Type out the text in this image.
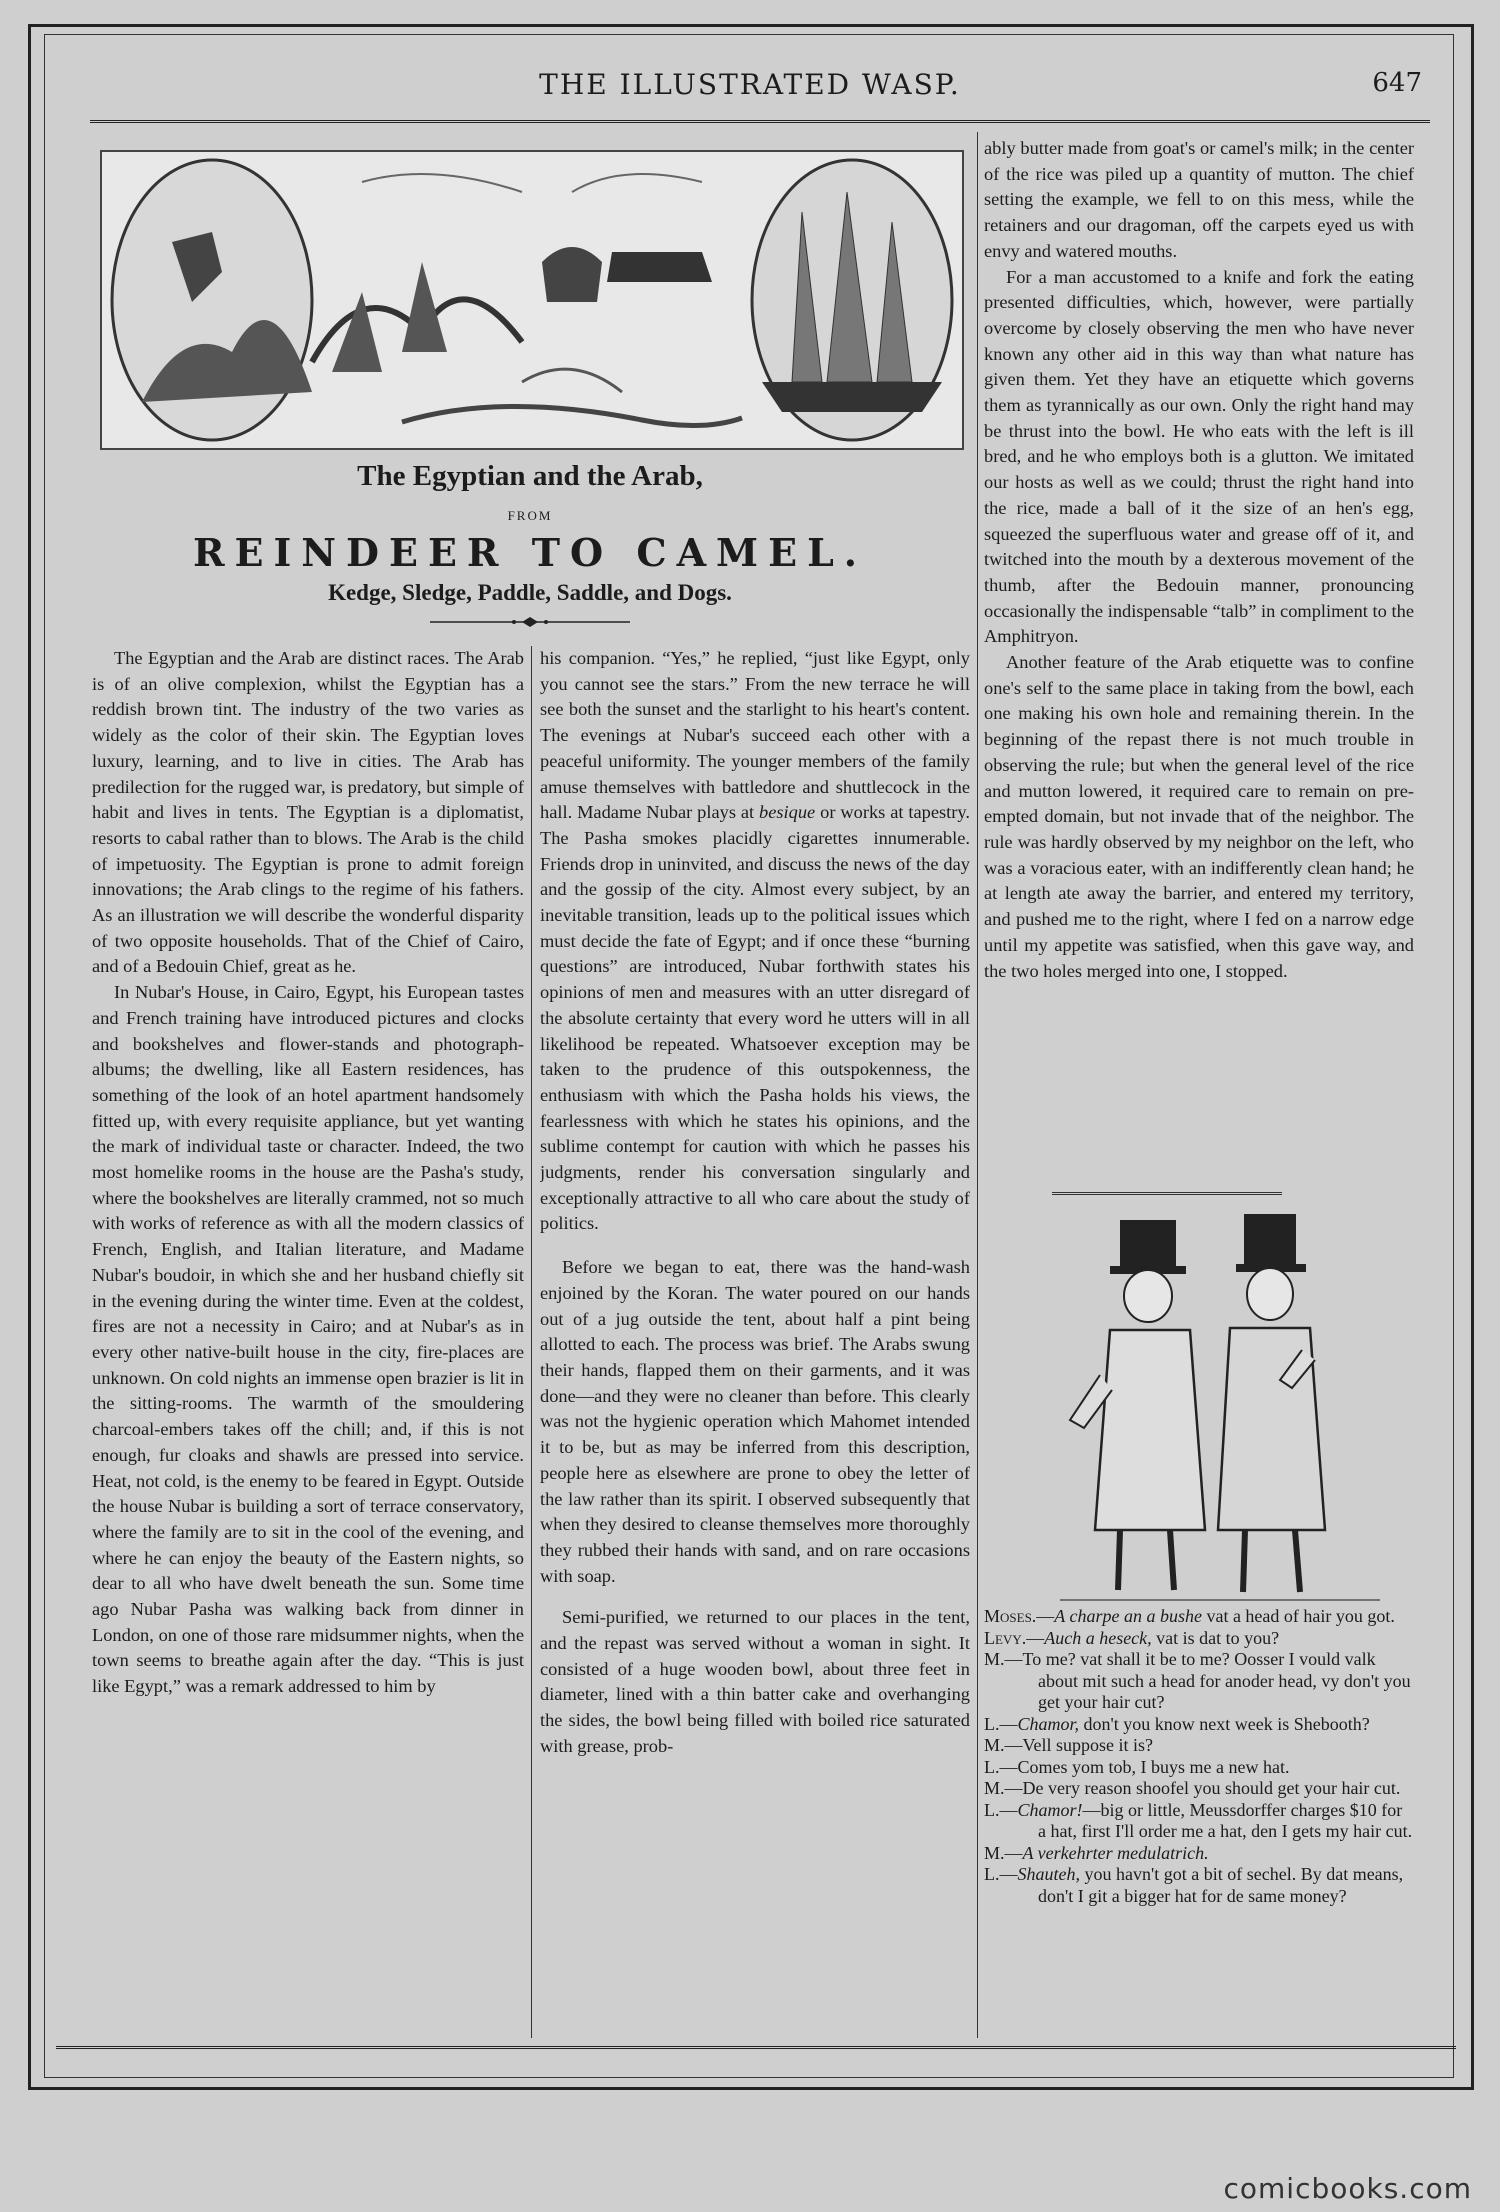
THE ILLUSTRATED WASP.	647
The Egyptian and the Arab,
FROM
REINDEER TO CAMEL.
Kedge, Sledge, Paddle, Saddle, and Dogs.

The Egyptian and the Arab are distinct races. The Arab is of an olive complexion, whilst the Egyptian has a reddish brown tint. The industry of the two varies as widely as the color of their skin. The Egyptian loves luxury, learning, and to live in cities. The Arab has predilection for the rugged war, is predatory, but simple of habit and lives in tents. The Egyptian is a diplomatist, resorts to cabal rather than to blows. The Arab is the child of impetuosity. The Egyptian is prone to admit foreign innovations; the Arab clings to the regime of his fathers. As an illustration we will describe the wonderful disparity of two opposite households. That of the Chief of Cairo, and of a Bedouin Chief, great as he.

In Nubar's House, in Cairo, Egypt, his European tastes and French training have introduced pictures and clocks and bookshelves and flower-stands and photograph-albums; the dwelling, like all Eastern residences, has something of the look of an hotel apartment handsomely fitted up, with every requisite appliance, but yet wanting the mark of individual taste or character. Indeed, the two most homelike rooms in the house are the Pasha's study, where the bookshelves are literally crammed, not so much with works of reference as with all the modern classics of French, English, and Italian literature, and Madame Nubar's boudoir, in which she and her husband chiefly sit in the evening during the winter time. Even at the coldest, fires are not a necessity in Cairo; and at Nubar's as in every other native-built house in the city, fire-places are unknown. On cold nights an immense open brazier is lit in the sitting-rooms. The warmth of the smouldering charcoal-embers takes off the chill; and, if this is not enough, fur cloaks and shawls are pressed into service. Heat, not cold, is the enemy to be feared in Egypt. Outside the house Nubar is building a sort of terrace conservatory, where the family are to sit in the cool of the evening, and where he can enjoy the beauty of the Eastern nights, so dear to all who have dwelt beneath the sun. Some time ago Nubar Pasha was walking back from dinner in London, on one of those rare midsummer nights, when the town seems to breathe again after the day. “This is just like Egypt,” was a remark addressed to him by

his companion. “Yes,” he replied, “just like Egypt, only you cannot see the stars.” From the new terrace he will see both the sunset and the starlight to his heart's content. The evenings at Nubar's succeed each other with a peaceful uniformity. The younger members of the family amuse themselves with battledore and shuttlecock in the hall. Madame Nubar plays at besique or works at tapestry. The Pasha smokes placidly cigarettes innumerable. Friends drop in uninvited, and discuss the news of the day and the gossip of the city. Almost every subject, by an inevitable transition, leads up to the political issues which must decide the fate of Egypt; and if once these “burning questions” are introduced, Nubar forthwith states his opinions of men and measures with an utter disregard of the absolute certainty that every word he utters will in all likelihood be repeated. Whatsoever exception may be taken to the prudence of this outspokenness, the enthusiasm with which the Pasha holds his views, the fearlessness with which he states his opinions, and the sublime contempt for caution with which he passes his judgments, render his conversation singularly and exceptionally attractive to all who care about the study of politics.

Before we began to eat, there was the hand-wash enjoined by the Koran. The water poured on our hands out of a jug outside the tent, about half a pint being allotted to each. The process was brief. The Arabs swung their hands, flapped them on their garments, and it was done—and they were no cleaner than before. This clearly was not the hygienic operation which Mahomet intended it to be, but as may be inferred from this description, people here as elsewhere are prone to obey the letter of the law rather than its spirit. I observed subsequently that when they desired to cleanse themselves more thoroughly they rubbed their hands with sand, and on rare occasions with soap.

Semi-purified, we returned to our places in the tent, and the repast was served without a woman in sight. It consisted of a huge wooden bowl, about three feet in diameter, lined with a thin batter cake and overhanging the sides, the bowl being filled with boiled rice saturated with grease, prob-

ably butter made from goat's or camel's milk; in the center of the rice was piled up a quantity of mutton. The chief setting the example, we fell to on this mess, while the retainers and our dragoman, off the carpets eyed us with envy and watered mouths.

For a man accustomed to a knife and fork the eating presented difficulties, which, however, were partially overcome by closely observing the men who have never known any other aid in this way than what nature has given them. Yet they have an etiquette which governs them as tyrannically as our own. Only the right hand may be thrust into the bowl. He who eats with the left is ill bred, and he who employs both is a glutton. We imitated our hosts as well as we could; thrust the right hand into the rice, made a ball of it the size of an hen's egg, squeezed the superfluous water and grease off of it, and twitched into the mouth by a dexterous movement of the thumb, after the Bedouin manner, pronouncing occasionally the indispensable “talb” in compliment to the Amphitryon.

Another feature of the Arab etiquette was to confine one's self to the same place in taking from the bowl, each one making his own hole and remaining therein. In the beginning of the repast there is not much trouble in observing the rule; but when the general level of the rice and mutton lowered, it required care to remain on pre-empted domain, but not invade that of the neighbor. The rule was hardly observed by my neighbor on the left, who was a voracious eater, with an indifferently clean hand; he at length ate away the barrier, and entered my territory, and pushed me to the right, where I fed on a narrow edge until my appetite was satisfied, when this gave way, and the two holes merged into one, I stopped.

Moses.—A charpe an a bushe vat a head of hair you got.
Levy.—Auch a heseck, vat is dat to you?
M.—To me? vat shall it be to me? Oosser I vould valk about mit such a head for anoder head, vy don't you get your hair cut?
L.—Chamor, don't you know next week is Shebooth?
M.—Vell suppose it is?
L.—Comes yom tob, I buys me a new hat.
M.—De very reason shoofel you should get your hair cut.
L.—Chamor!—big or little, Meussdorffer charges $10 for a hat, first I'll order me a hat, den I gets my hair cut.
M.—A verkehrter medulatrich.
L.—Shauteh, you havn't got a bit of sechel. By dat means, don't I git a bigger hat for de same money?
comicbooks.com
